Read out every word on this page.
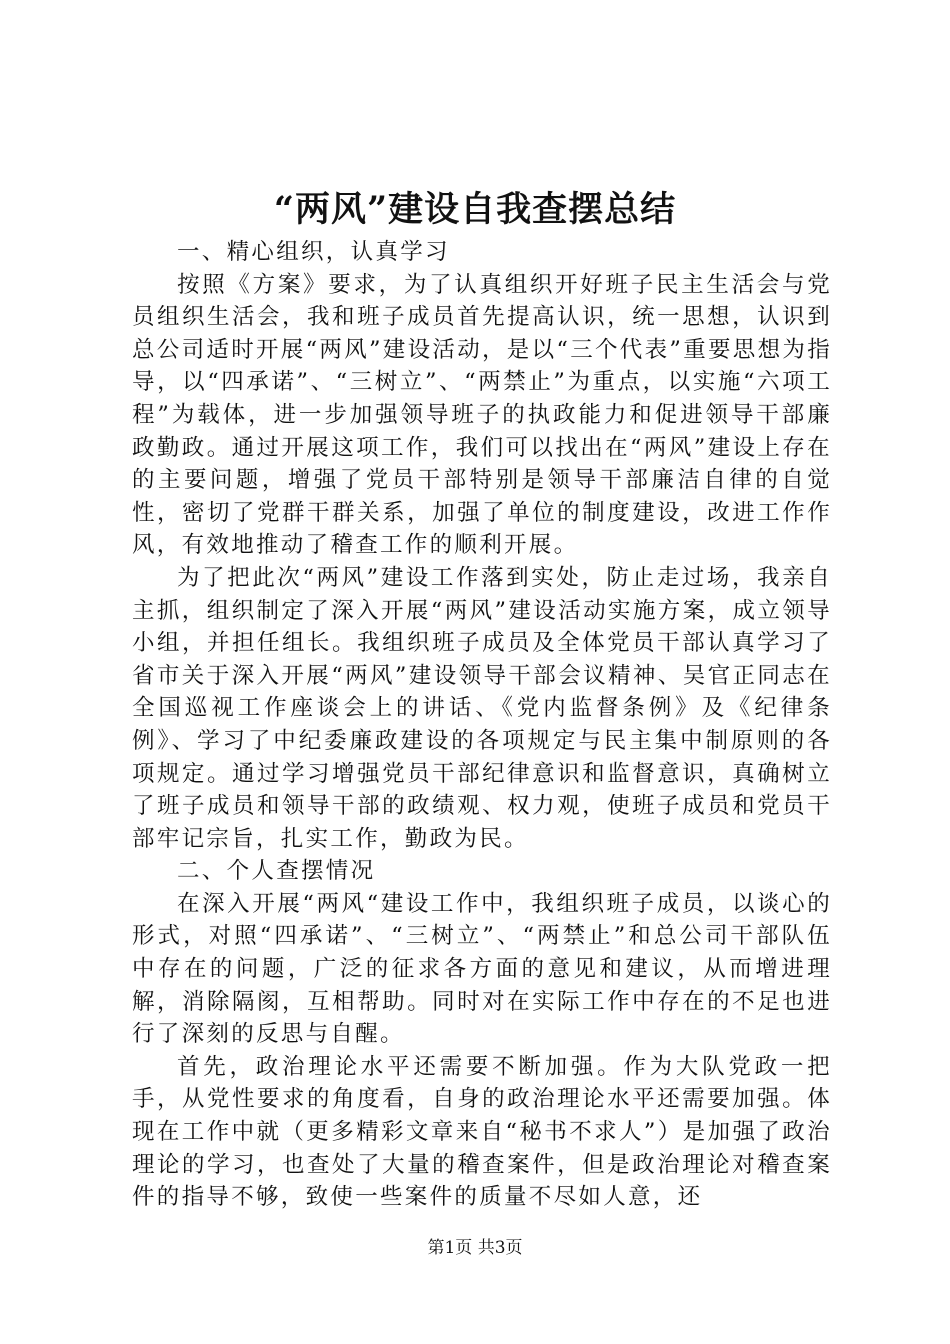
“两风”建设自我查摆总结

一、精心组织，认真学习

按照《方案》要求，为了认真组织开好班子民主生活会与党员组织生活会，我和班子成员首先提高认识，统一思想，认识到总公司适时开展“两风”建设活动，是以“三个代表”重要思想为指导，以“四承诺”、“三树立”、“两禁止”为重点，以实施“六项工程”为载体，进一步加强领导班子的执政能力和促进领导干部廉政勤政。通过开展这项工作，我们可以找出在“两风”建设上存在的主要问题，增强了党员干部特别是领导干部廉洁自律的自觉性，密切了党群干群关系，加强了单位的制度建设，改进工作作风，有效地推动了稽查工作的顺利开展。

为了把此次“两风”建设工作落到实处，防止走过场，我亲自主抓，组织制定了深入开展“两风”建设活动实施方案，成立领导小组，并担任组长。我组织班子成员及全体党员干部认真学习了省市关于深入开展“两风”建设领导干部会议精神、吴官正同志在全国巡视工作座谈会上的讲话、《党内监督条例》及《纪律条例》、学习了中纪委廉政建设的各项规定与民主集中制原则的各项规定。通过学习增强党员干部纪律意识和监督意识，真确树立了班子成员和领导干部的政绩观、权力观，使班子成员和党员干部牢记宗旨，扎实工作，勤政为民。

二、个人查摆情况

在深入开展“两风“建设工作中，我组织班子成员，以谈心的形式，对照“四承诺”、“三树立”、“两禁止”和总公司干部队伍中存在的问题，广泛的征求各方面的意见和建议，从而增进理解，消除隔阂，互相帮助。同时对在实际工作中存在的不足也进行了深刻的反思与自醒。

首先，政治理论水平还需要不断加强。作为大队党政一把手，从党性要求的角度看，自身的政治理论水平还需要加强。体现在工作中就（更多精彩文章来自“秘书不求人”）是加强了政治理论的学习，也查处了大量的稽查案件，但是政治理论对稽查案件的指导不够，致使一些案件的质量不尽如人意，还

第1页 共3页
